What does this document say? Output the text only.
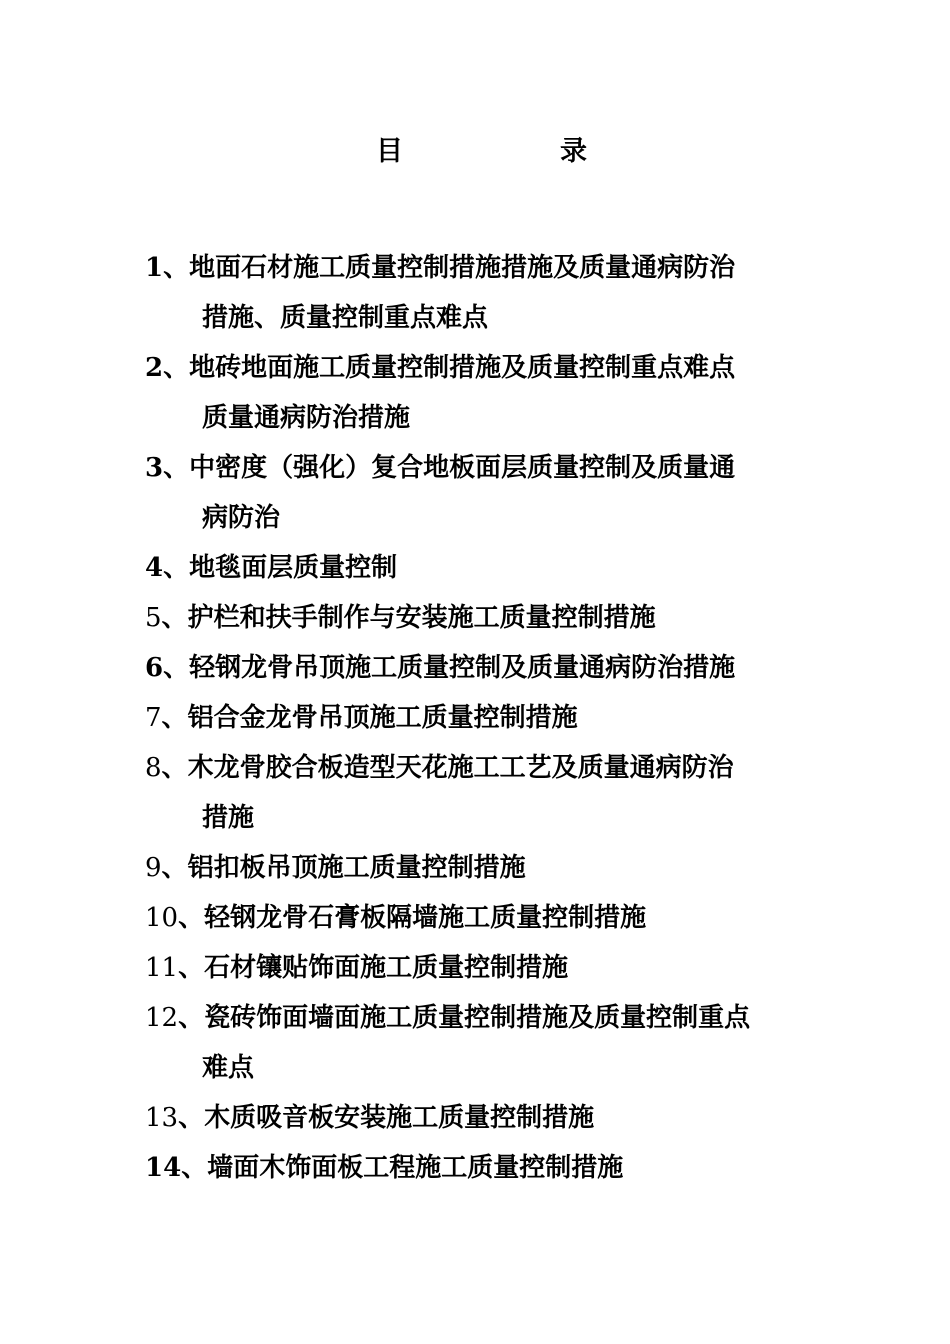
目	录
1、地面石材施工质量控制措施措施及质量通病防治
措施、质量控制重点难点
2、地砖地面施工质量控制措施及质量控制重点难点
质量通病防治措施
3、中密度（强化）复合地板面层质量控制及质量通
病防治
4、地毯面层质量控制
5、护栏和扶手制作与安装施工质量控制措施
6、轻钢龙骨吊顶施工质量控制及质量通病防治措施
7、铝合金龙骨吊顶施工质量控制措施
8、木龙骨胶合板造型天花施工工艺及质量通病防治
措施
9、铝扣板吊顶施工质量控制措施
10、轻钢龙骨石膏板隔墙施工质量控制措施
11、石材镶贴饰面施工质量控制措施
12、瓷砖饰面墙面施工质量控制措施及质量控制重点
难点
13、木质吸音板安装施工质量控制措施
14、墙面木饰面板工程施工质量控制措施
